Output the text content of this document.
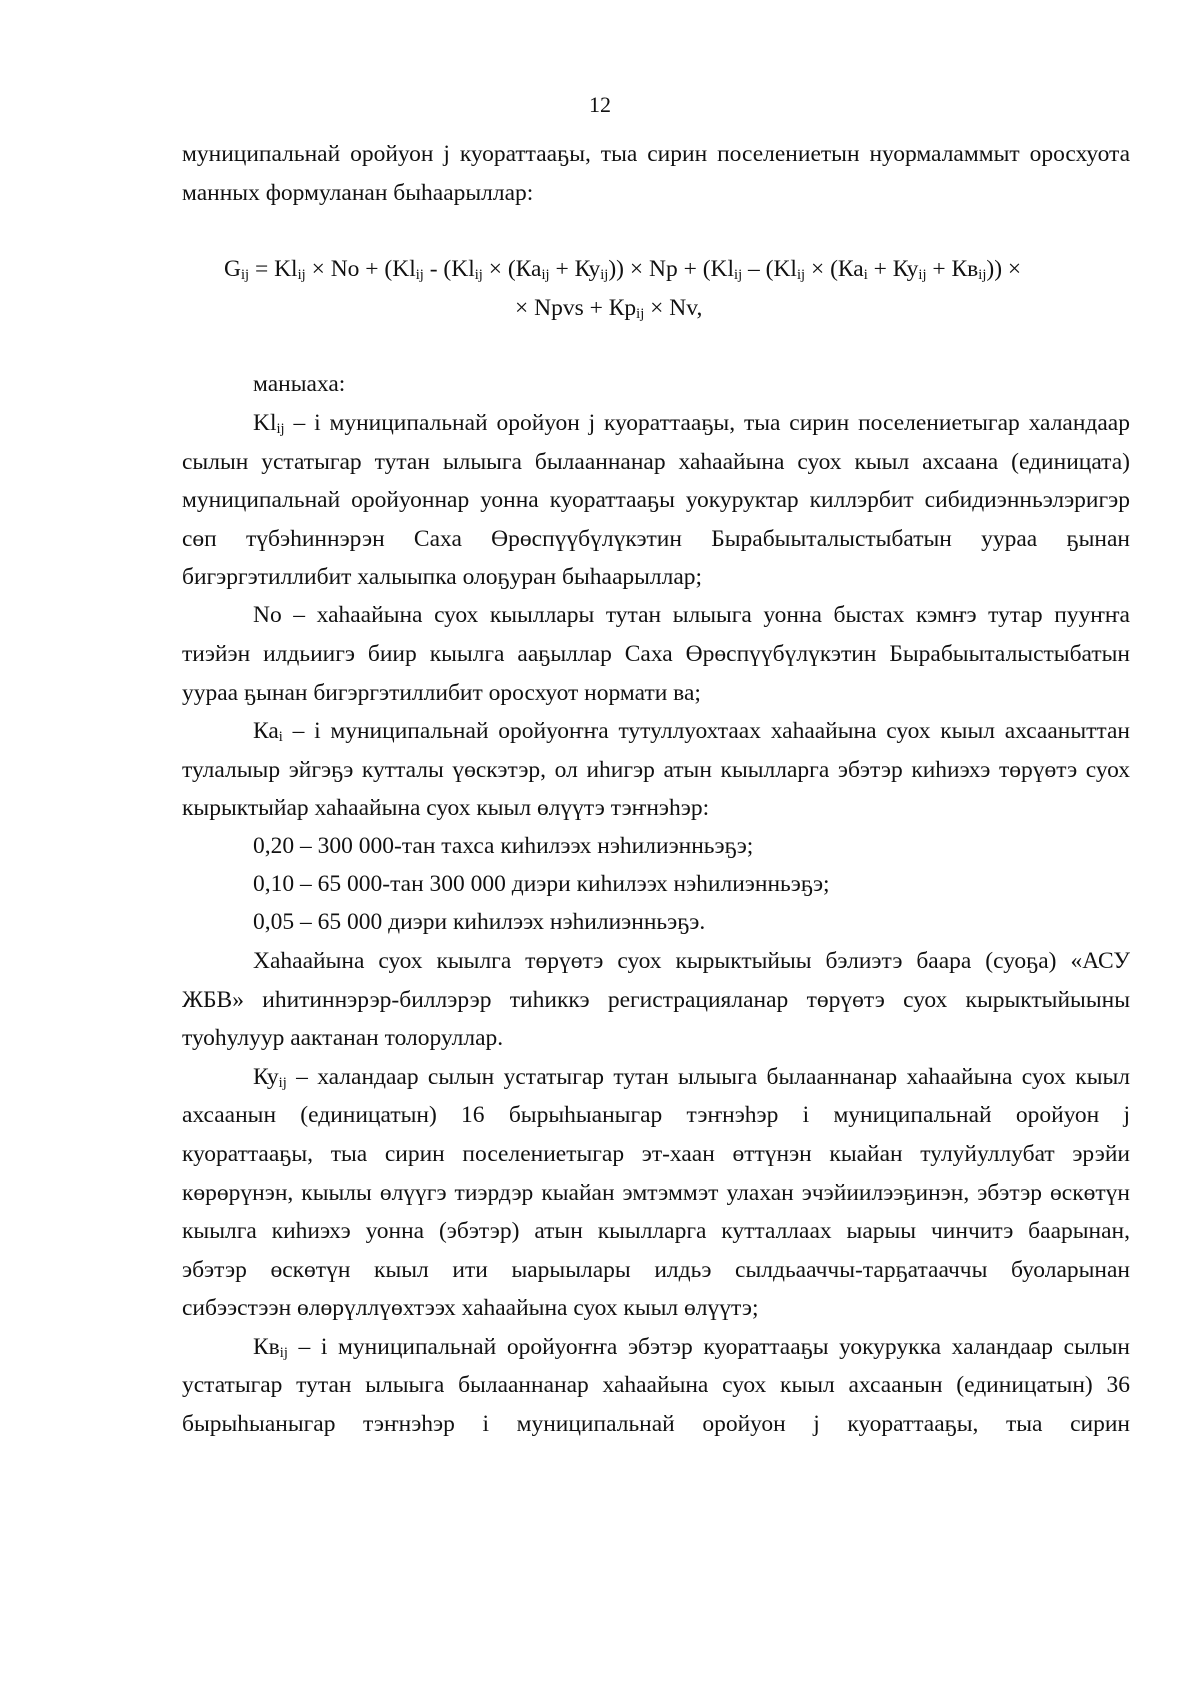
12
муниципальнай оройуон j куораттааҕы, тыа сирин поселениетын нуормаламмыт оросхуота
манных формуланан быһаарыллар:
$G_{ij} = Kl_{ij} \times No + (Kl_{ij} - (Kl_{ij} \times (Ка_{ij} + Ку_{ij})) \times Np + (Kl_{ij} - (Kl_{ij} \times (Ка_i + Ку_{ij} + Кв_{ij}))$ ×
× Npvs + $Кр_{ij} \times Nv$,
маныаха:
$Kl_{ij}$ – i муниципальнай оройуон j куораттааҕы, тыа сирин поселениетыгар халандаар
сылын устатыгар тутан ылыыга былааннанар хаһаайына суох кыыл ахсаана (единицата)
муниципальнай оройуоннар уонна куораттааҕы уокуруктар киллэрбит сибидиэнньэлэригэр
сөп түбэһиннэрэн Саха Өрөспүүбүлүкэтин Бырабыыталыстыбатын уураа ҕынан
бигэргэтиллибит халыыпка олоҕуран быһаарыллар;
No – хаһаайына суох кыыллары тутан ылыыга уонна быстах кэмҥэ тутар пууҥҥа
тиэйэн илдьиигэ биир кыылга ааҕыллар Саха Өрөспүүбүлүкэтин Бырабыыталыстыбатын
уураа ҕынан бигэргэтиллибит оросхуот нормати ва;
$Ка_i$ – i муниципальнай оройуоҥҥа тутуллуохтаах хаһаайына суох кыыл ахсааныттан
тулалыыр эйгэҕэ кутталы үөскэтэр, ол иһигэр атын кыылларга эбэтэр киһиэхэ төрүөтэ суох
кырыктыйар хаһаайына суох кыыл өлүүтэ тэҥнэһэр:
0,20 – 300 000-тан тахса киһилээх нэһилиэнньэҕэ;
0,10 – 65 000-тан 300 000 диэри киһилээх нэһилиэнньэҕэ;
0,05 – 65 000 диэри киһилээх нэһилиэнньэҕэ.
Хаһаайына суох кыылга төрүөтэ суох кырыктыйыы бэлиэтэ баара (суоҕа) «АСУ
ЖБВ» иһитиннэрэр-биллэрэр тиһиккэ регистрацияланар төрүөтэ суох кырыктыйыыны
туоһулуур аактанан толоруллар.
$Ку_{ij}$ – халандаар сылын устатыгар тутан ылыыга былааннанар хаһаайына суох кыыл
ахсаанын (единицатын) 16 бырыһыаныгар тэҥнэһэр i муниципальнай оройуон j
куораттааҕы, тыа сирин поселениетыгар эт-хаан өттүнэн кыайан тулуйуллубат эрэйи
көрөрүнэн, кыылы өлүүгэ тиэрдэр кыайан эмтэммэт улахан эчэйиилээҕинэн, эбэтэр өскөтүн
кыылга киһиэхэ уонна (эбэтэр) атын кыылларга кутталлаах ыарыы чинчитэ баарынан,
эбэтэр өскөтүн кыыл ити ыарыылары илдьэ сылдьааччы-тарҕатааччы буоларынан
сибээстээн өлөрүллүөхтээх хаһаайына суох кыыл өлүүтэ;
$Кв_{ij}$ – i муниципальнай оройуоҥҥа эбэтэр куораттааҕы уокурукка халандаар сылын
устатыгар тутан ылыыга былааннанар хаһаайына суох кыыл ахсаанын (единицатын) 36
бырыһыаныгар тэҥнэһэр i муниципальнай оройуон j куораттааҕы, тыа сирин
